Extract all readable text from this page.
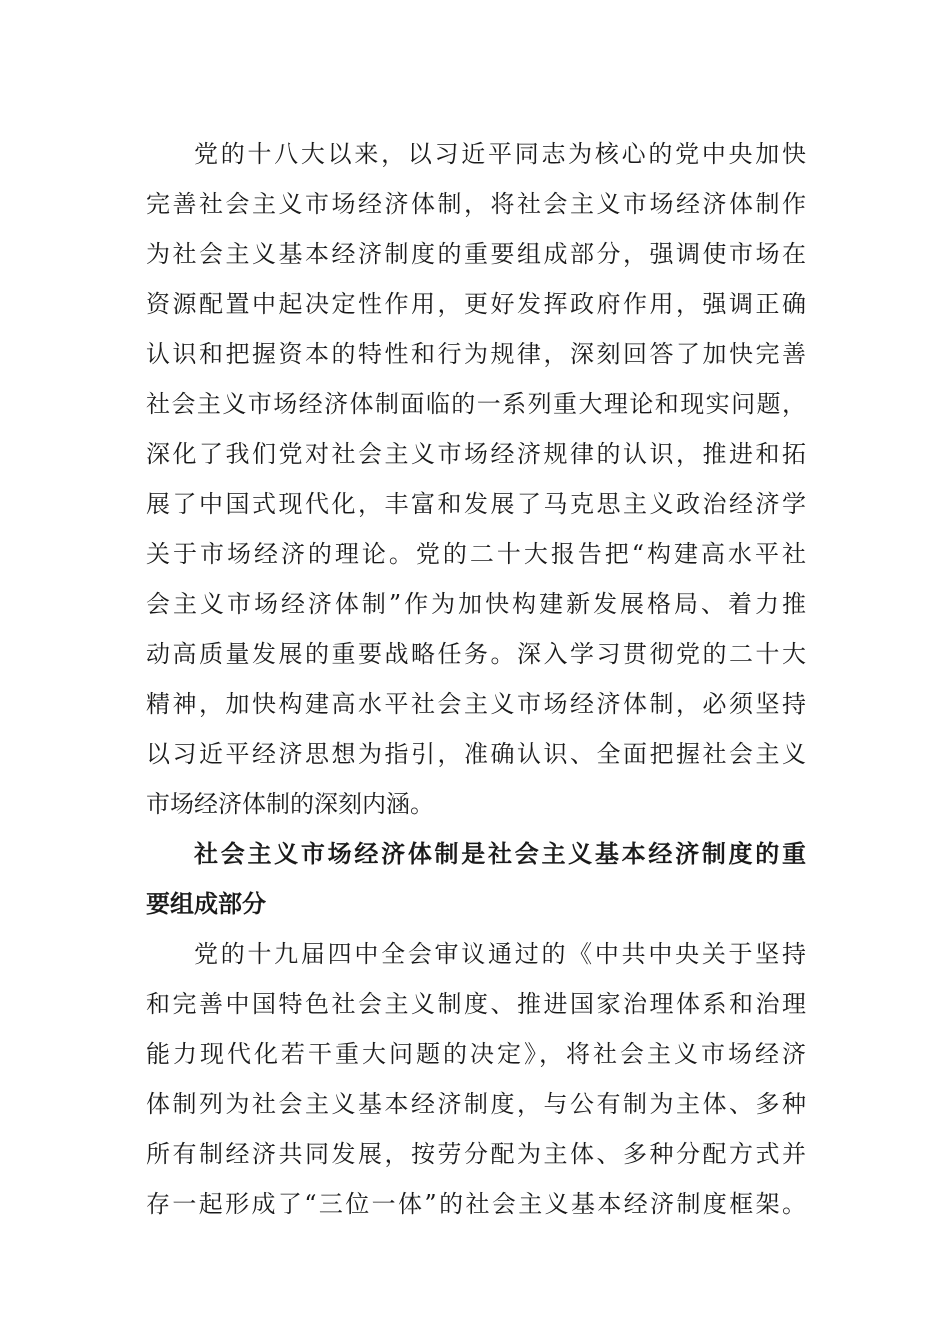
党的十八大以来，以习近平同志为核心的党中央加快
完善社会主义市场经济体制，将社会主义市场经济体制作
为社会主义基本经济制度的重要组成部分，强调使市场在
资源配置中起决定性作用，更好发挥政府作用，强调正确
认识和把握资本的特性和行为规律，深刻回答了加快完善
社会主义市场经济体制面临的一系列重大理论和现实问题，
深化了我们党对社会主义市场经济规律的认识，推进和拓
展了中国式现代化，丰富和发展了马克思主义政治经济学
关于市场经济的理论。党的二十大报告把“构建高水平社
会主义市场经济体制”作为加快构建新发展格局、着力推
动高质量发展的重要战略任务。深入学习贯彻党的二十大
精神，加快构建高水平社会主义市场经济体制，必须坚持
以习近平经济思想为指引，准确认识、全面把握社会主义
市场经济体制的深刻内涵。
社会主义市场经济体制是社会主义基本经济制度的重
要组成部分
党的十九届四中全会审议通过的《中共中央关于坚持
和完善中国特色社会主义制度、推进国家治理体系和治理
能力现代化若干重大问题的决定》，将社会主义市场经济
体制列为社会主义基本经济制度，与公有制为主体、多种
所有制经济共同发展，按劳分配为主体、多种分配方式并
存一起形成了“三位一体”的社会主义基本经济制度框架。
